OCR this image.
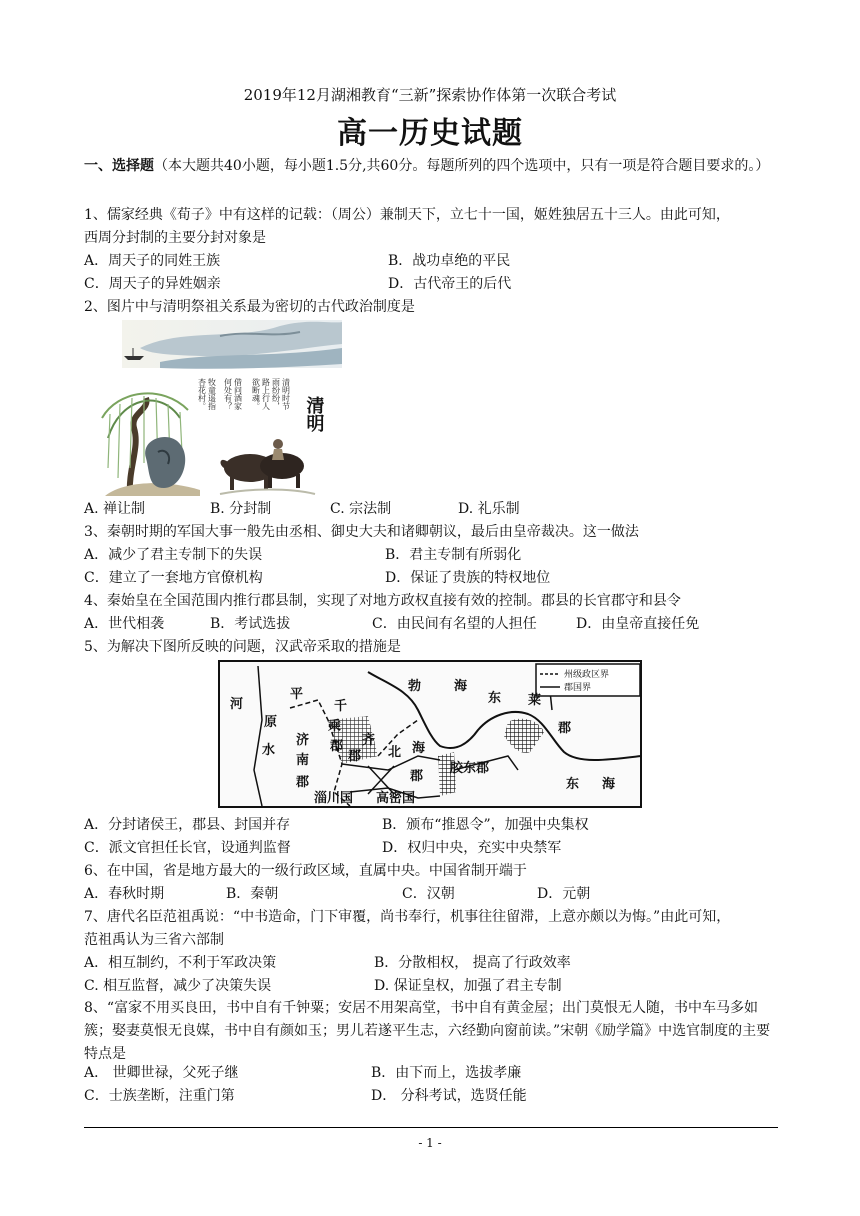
2019年12月湖湘教育“三新”探索协作体第一次联合考试
高一历史试题
一、选择题（本大题共40小题，每小题1.5分,共60分。每题所列的四个选项中，只有一项是符合题目要求的。）
1、儒家经典《荀子》中有这样的记载：（周公）兼制天下，立七十一国，姬姓独居五十三人。由此可知，
西周分封制的主要分封对象是
A．周天子的同姓王族	B．战功卓绝的平民
C．周天子的异姓姻亲	D．古代帝王的后代
2、图片中与清明祭祖关系最为密切的古代政治制度是
清明时节
雨纷纷，
路上行人
欲断魂。
借问酒家
何处有？
牧童遥指
杏花村。
清明
A. 禅让制	B. 分封制	C. 宗法制	D. 礼乐制
3、秦朝时期的军国大事一般先由丞相、御史大夫和诸卿朝议，最后由皇帝裁决。这一做法
A．减少了君主专制下的失误	B．君主专制有所弱化
C．建立了一套地方官僚机构	D．保证了贵族的特权地位
4、秦始皇在全国范围内推行郡县制，实现了对地方政权直接有效的控制。郡县的长官郡守和县令
A．世代相袭	B．考试选拔	C．由民间有名望的人担任	D．由皇帝直接任免
5、为解决下图所反映的问题，汉武帝采取的措施是
州级政区界
郡国界
河
平
原
济
水
南
郡
千
乘
郡 齐
郡 北 海
郡
勃	海
东 莱
郡
胶东郡
淄川国 高密国
东 海
A．分封诸侯王，郡县、封国并存	B．颁布“推恩令”，加强中央集权
C．派文官担任长官，设通判监督	D．权归中央，充实中央禁军
6、在中国，省是地方最大的一级行政区域，直属中央。中国省制开端于
A．春秋时期	B．秦朝	C．汉朝	D．元朝
7、唐代名臣范祖禹说：“中书造命，门下审覆，尚书奉行，机事往往留滞，上意亦颇以为悔。”由此可知，
范祖禹认为三省六部制
A．相互制约，不利于军政决策	B．分散相权， 提高了行政效率
C. 相互监督，减少了决策失误	D. 保证皇权，加强了君主专制
8、“富家不用买良田，书中自有千钟粟；安居不用架高堂，书中自有黄金屋；出门莫恨无人随，书中车马多如簇；娶妻莫恨无良媒，书中自有颜如玉；男儿若遂平生志，六经勤向窗前读。”宋朝《励学篇》中选官制度的主要特点是
A． 世卿世禄，父死子继	B．由下而上，选拔孝廉
C．士族垄断，注重门第	D． 分科考试，选贤任能
- 1 -
